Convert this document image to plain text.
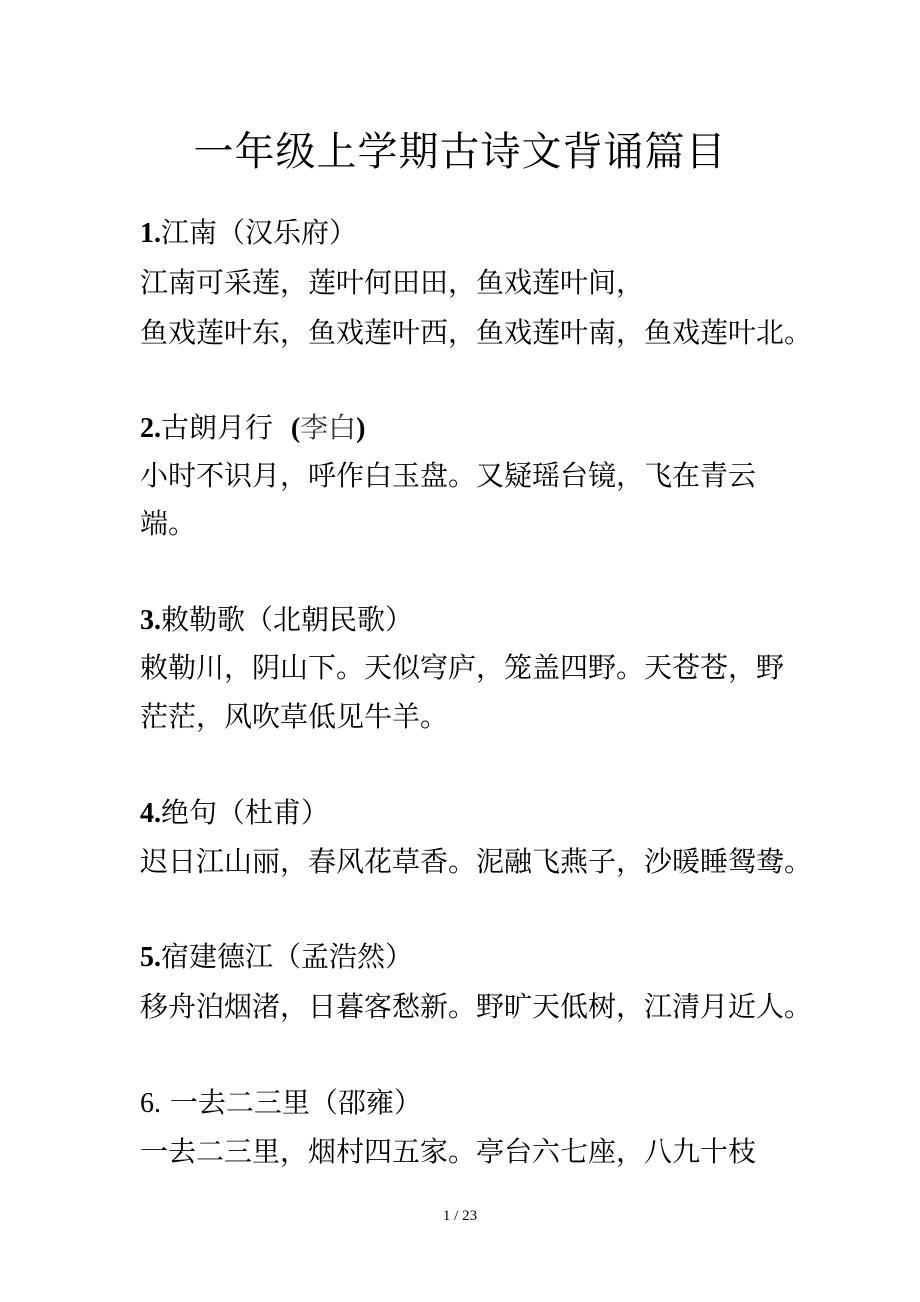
一年级上学期古诗文背诵篇目
1.江南（汉乐府）
江南可采莲，莲叶何田田，鱼戏莲叶间，
鱼戏莲叶东，鱼戏莲叶西，鱼戏莲叶南，鱼戏莲叶北。
2.古朗月行 (李白)
小时不识月，呼作白玉盘。又疑瑶台镜，飞在青云
端。
3.敕勒歌（北朝民歌）
敕勒川，阴山下。天似穹庐，笼盖四野。天苍苍，野
茫茫，风吹草低见牛羊。
4.绝句（杜甫）
迟日江山丽，春风花草香。泥融飞燕子，沙暖睡鸳鸯。
5.宿建德江（孟浩然）
移舟泊烟渚，日暮客愁新。野旷天低树，江清月近人。
6. 一去二三里（邵雍）
一去二三里，烟村四五家。亭台六七座，八九十枝
1 / 23
